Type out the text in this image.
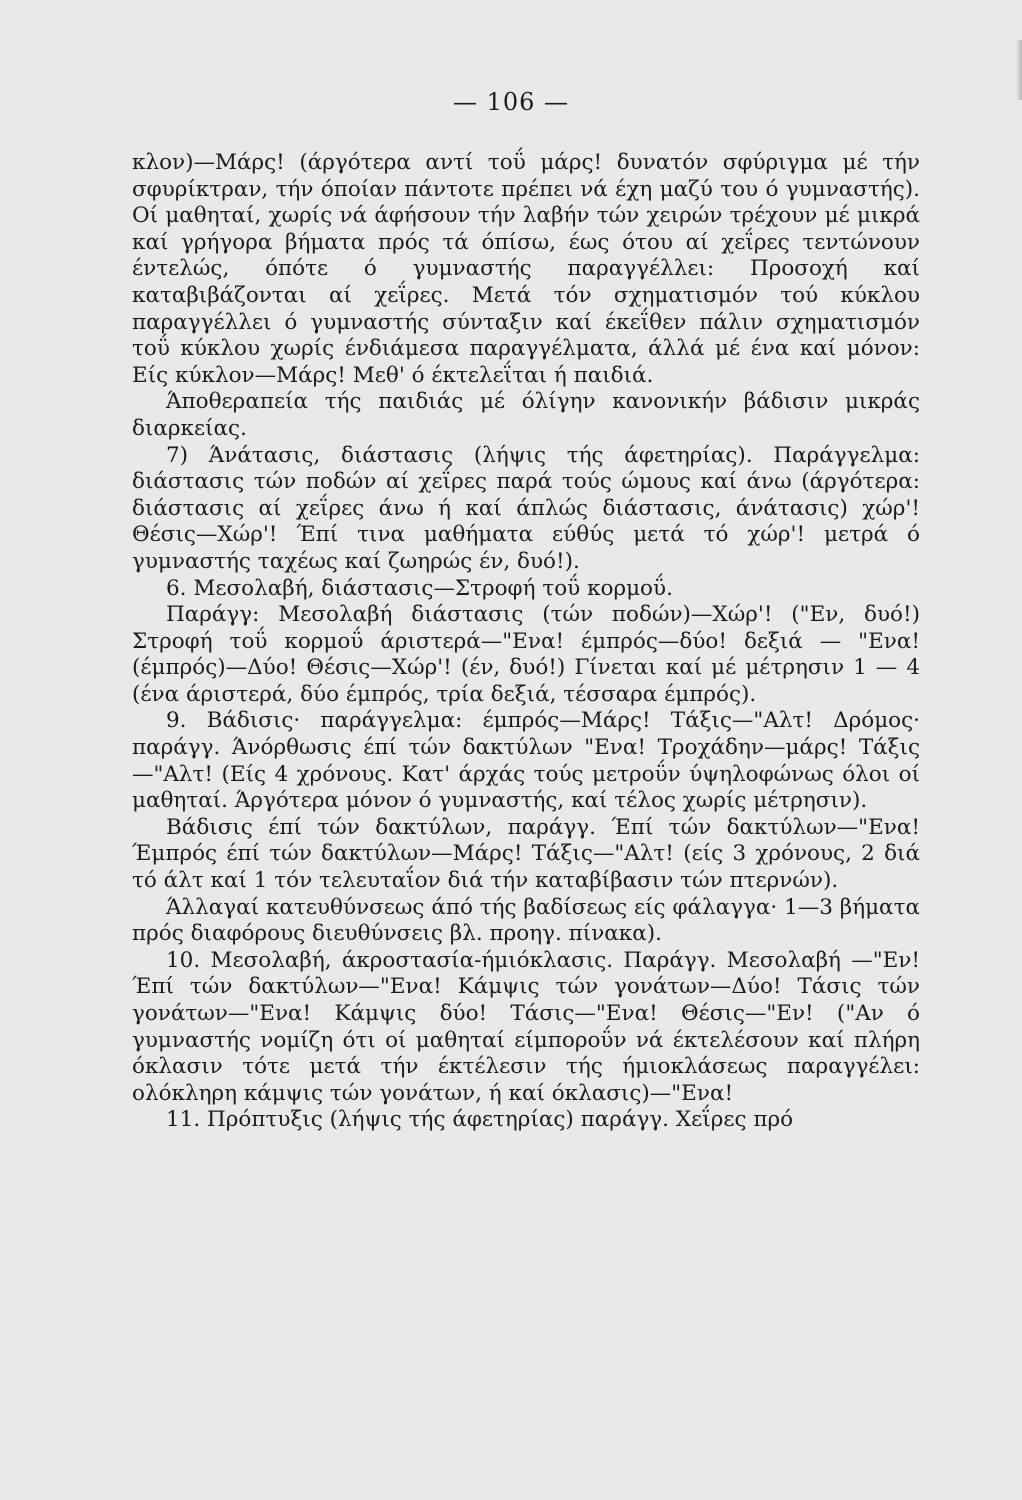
— 106 —

κλον)—Μάρς! (άργότερα αντί τοΰ μάρς! δυνατόν σφύριγμα μέ τήν σφυρίκτραν, τήν όποίαν πάντοτε πρέπει νά έχη μαζύ του ό γυμναστής). Οί μαθηταί, χωρίς νά άφήσουν τήν λαβήν τών χειρών τρέχουν μέ μικρά καί γρήγορα βήματα πρός τά όπίσω, έως ότου αί χεΐρες τεντώνουν έντελώς, όπότε ό γυμναστής παραγγέλλει: Προσοχή καί καταβιβάζονται αί χεΐρες. Μετά τόν σχηματισμόν τού κύκλου παραγγέλλει ό γυμναστής σύνταξιν καί έκεΐθεν πάλιν σχηματισμόν τοΰ κύκλου χωρίς ένδιάμεσα παραγγέλματα, άλλά μέ ένα καί μόνον: Είς κύκλον—Μάρς! Μεθ' ό έκτελεΐται ή παιδιά.

Άποθεραπεία τής παιδιάς μέ όλίγην κανονικήν βάδισιν μικράς διαρκείας.

7) Άνάτασις, διάστασις (λήψις τής άφετηρίας). Παράγγελμα: διάστασις τών ποδών αί χεΐρες παρά τούς ώμους καί άνω (άργότερα: διάστασις αί χεΐρες άνω ή καί άπλώς διάστασις, άνάτασις) χώρ'! Θέσις—Χώρ'! Έπί τινα μαθήματα εύθύς μετά τό χώρ'! μετρά ό γυμναστής ταχέως καί ζωηρώς έν, δυό!).

6. Μεσολαβή, διάστασις—Στροφή τοΰ κορμοΰ.

Παράγγ: Μεσολαβή διάστασις (τών ποδών)—Χώρ'! ("Εν, δυό!) Στροφή τοΰ κορμοΰ άριστερά—"Ενα! έμπρός—δύο! δεξιά — "Ενα! (έμπρός)—Δύο! Θέσις—Χώρ'! (έν, δυό!) Γίνεται καί μέ μέτρησιν 1 — 4 (ένα άριστερά, δύο έμπρός, τρία δεξιά, τέσσαρα έμπρός).

9. Βάδισις· παράγγελμα: έμπρός—Μάρς! Τάξις—"Αλτ! Δρόμος· παράγγ. Άνόρθωσις έπί τών δακτύλων "Ενα! Τροχάδην—μάρς! Τάξις —"Αλτ! (Είς 4 χρόνους. Κατ' άρχάς τούς μετροΰν ύψηλοφώνως όλοι οί μαθηταί. Άργότερα μόνον ό γυμναστής, καί τέλος χωρίς μέτρησιν).

Βάδισις έπί τών δακτύλων, παράγγ. Έπί τών δακτύλων—"Ενα! Έμπρός έπί τών δακτύλων—Μάρς! Τάξις—"Αλτ! (είς 3 χρόνους, 2 διά τό άλτ καί 1 τόν τελευταΐον διά τήν καταβίβασιν τών πτερνών).

Άλλαγαί κατευθύνσεως άπό τής βαδίσεως είς φάλαγγα· 1—3 βήματα πρός διαφόρους διευθύνσεις βλ. προηγ. πίνακα).

10. Μεσολαβή, άκροστασία-ήμιόκλασις. Παράγγ. Μεσολαβή —"Εν! Έπί τών δακτύλων—"Ενα! Κάμψις τών γονάτων—Δύο! Τάσις τών γονάτων—"Ενα! Κάμψις δύο! Τάσις—"Ενα! Θέσις—"Εν! ("Αν ό γυμναστής νομίζη ότι οί μαθηταί είμποροΰν νά έκτελέσουν καί πλήρη όκλασιν τότε μετά τήν έκτέλεσιν τής ήμιοκλάσεως παραγγέλει: ολόκληρη κάμψις τών γονάτων, ή καί όκλασις)—"Ενα!

11. Πρόπτυξις (λήψις τής άφετηρίας) παράγγ. Χεΐρες πρό
